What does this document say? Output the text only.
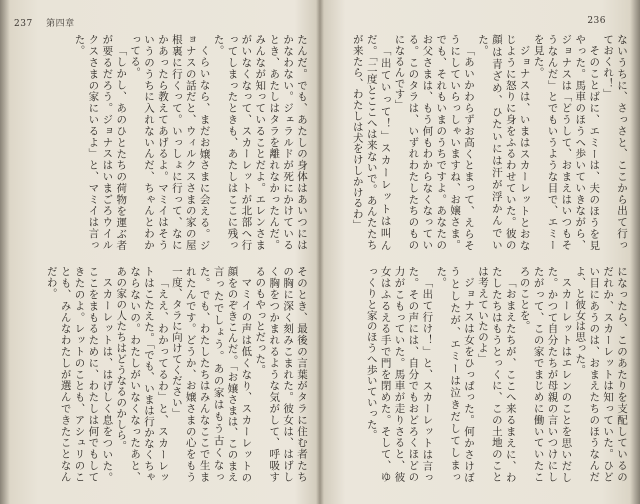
237 第四章

たんだ。でも、あたしの身体はあいつにはかなわない。ジェラルドが死にかけているとき、あたしはタラを離れなかったんだ。みんなが知っていることだよ。エレンさまがいなくなって、スカーレットが北部へ行ってしまったときも、あたしはここに残った。

くらいなら、まだお嬢さまに会える。ジョナスの話だと、ウィルクスさまの家の屋根裏に行くって。いっしょに行って、なにかあったら教えてあげるよ。マミイはそういうのうちに入れないんだ、ちゃんとわかってる。

「しかし、あのひとたちの荷物を運ぶ者が要るだろう。ジョナスはいまごろウイルクスさまの家にいるよ」と、マミイは言った。

そのとき、最後の言葉がタラに住む者たちの胸に深く刻みこまれた。彼女は、はげしく胸をつかまれるような気がして、呼吸するのもやっとだった。

マミイの声は低くなり、スカーレットの顔をのぞきこんだ。「お嬢さまは、このまえ言ったでしょう。あの家はもう古くなった。でも、わたしたちはみんなここで生まれたんです。どうか、お嬢さまの心をもう一度、タラに向けてください」

「ええ、わかってるわ」と、スカーレットはこたえた。「でも、いまは行かなくちゃならないの。わたしがいなくなったあと、あの家の人たちはどうなるのかしら。

スカーレットは、はげしく息をついた。ここをまもるために、わたしは何でもしてきたのよ。レットのことも、アシュリのことも、みんなわたしが選んできたことなんだわ。

236

ないうちに、さっさと、ここから出て行っておくれ！」

そのことばに、エミーは、夫のほうを見やった。馬車のほうへ歩いていきながら、ジョナスは「どうして、おまえはいつもそうなんだ」とでもいうような目で、エミーを見た。

ジョナスは、いまはスカーレットとおなじように怒りに身をふるわせていた。彼の顔は青ざめ、ひたいには汗が浮かんでいた。

「あいかわらずお高くとまって、えらそうにしていらっしゃいますね、お嬢さま。でも、それもいまのうちですよ。あなたのお父さまは、もう何もわからなくなっている。このタラは、いずれわたしたちのものになるんです」

「出ていって！」スカーレットは叫んだ。「二度とここへは来ないで。あんたたちが来たら、わたしは犬をけしかけるわ」

になったら、このあたりを支配しているのだれか、スカーレットは知っていた。ひどい目にあうのは、おまえたちのほうなんだよ、と彼女は思った。

スカーレットはエレンのことを思いだした。かつて自分たちが母親の言いつけにしたがって、この家でまじめに働いていたころのことを。

「おまえたちが、ここへ来るまえに、わたしたちはもうとっくに、この土地のことは考えていたのよ」

ジョナスは女をひっぱった。何かさけぼうとしたが、エミーは泣きだしてしまった。

「出て行け！」と、スカーレットは言った。その声には、自分でもおどろくほどの力がこもっていた。馬車が走りさると、彼女はふるえる手で門を閉めた。そして、ゆっくりと家のほうへ歩いていった。
